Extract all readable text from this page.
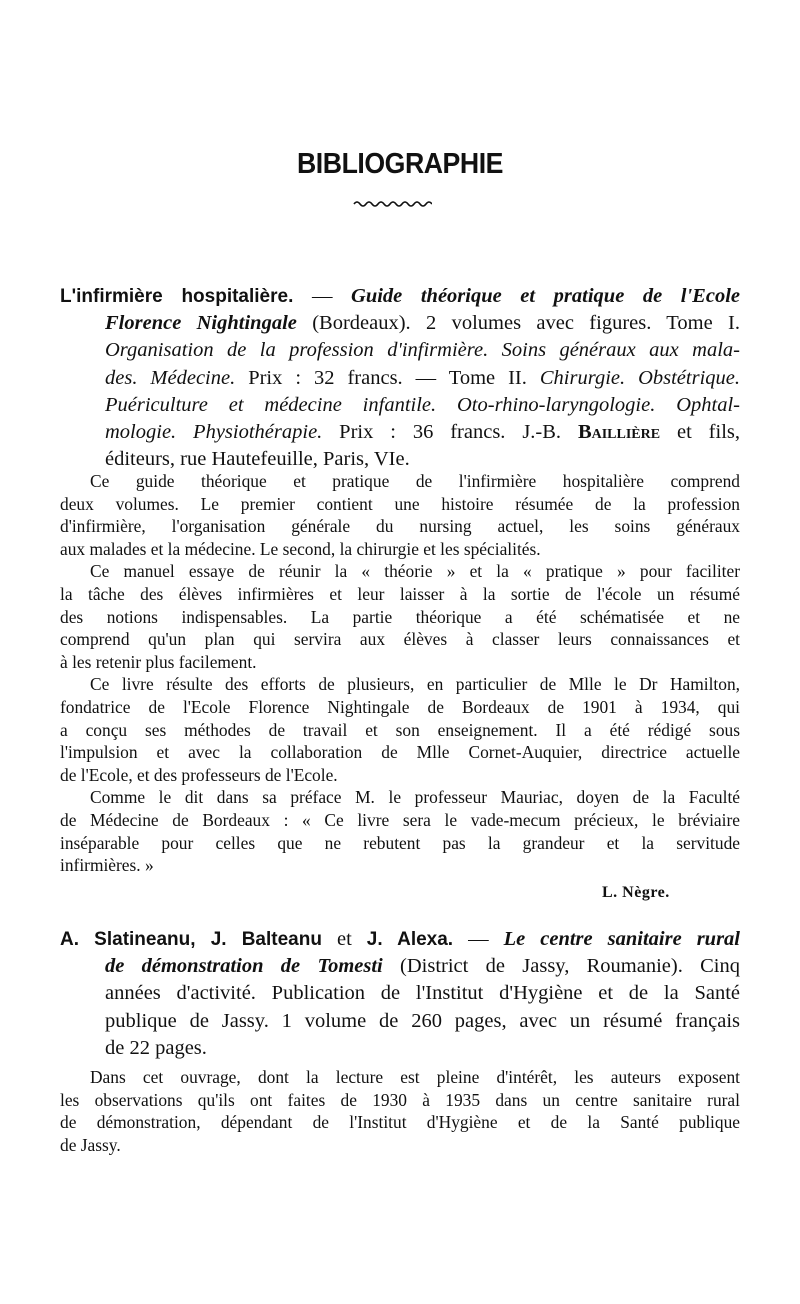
BIBLIOGRAPHIE
L'infirmière hospitalière. — Guide théorique et pratique de l'Ecole
Florence Nightingale (Bordeaux). 2 volumes avec figures. Tome I.
Organisation de la profession d'infirmière. Soins généraux aux mala-
des. Médecine. Prix : 32 francs. — Tome II. Chirurgie. Obstétrique.
Puériculture et médecine infantile. Oto-rhino-laryngologie. Ophtal-
mologie. Physiothérapie. Prix : 36 francs. J.-B. Baillière et fils,
éditeurs, rue Hautefeuille, Paris, VIe.

Ce guide théorique et pratique de l'infirmière hospitalière comprend
deux volumes. Le premier contient une histoire résumée de la profession
d'infirmière, l'organisation générale du nursing actuel, les soins généraux
aux malades et la médecine. Le second, la chirurgie et les spécialités.

Ce manuel essaye de réunir la « théorie » et la « pratique » pour faciliter
la tâche des élèves infirmières et leur laisser à la sortie de l'école un résumé
des notions indispensables. La partie théorique a été schématisée et ne
comprend qu'un plan qui servira aux élèves à classer leurs connaissances et
à les retenir plus facilement.

Ce livre résulte des efforts de plusieurs, en particulier de Mlle le Dr Hamilton,
fondatrice de l'Ecole Florence Nightingale de Bordeaux de 1901 à 1934, qui
a conçu ses méthodes de travail et son enseignement. Il a été rédigé sous
l'impulsion et avec la collaboration de Mlle Cornet-Auquier, directrice actuelle
de l'Ecole, et des professeurs de l'Ecole.

Comme le dit dans sa préface M. le professeur Mauriac, doyen de la Faculté
de Médecine de Bordeaux : « Ce livre sera le vade-mecum précieux, le bréviaire
inséparable pour celles que ne rebutent pas la grandeur et la servitude
infirmières. »

L. Nègre.
A. Slatineanu, J. Balteanu et J. Alexa. — Le centre sanitaire rural
de démonstration de Tomesti (District de Jassy, Roumanie). Cinq
années d'activité. Publication de l'Institut d'Hygiène et de la Santé
publique de Jassy. 1 volume de 260 pages, avec un résumé français
de 22 pages.

Dans cet ouvrage, dont la lecture est pleine d'intérêt, les auteurs exposent
les observations qu'ils ont faites de 1930 à 1935 dans un centre sanitaire rural
de démonstration, dépendant de l'Institut d'Hygiène et de la Santé publique
de Jassy.
